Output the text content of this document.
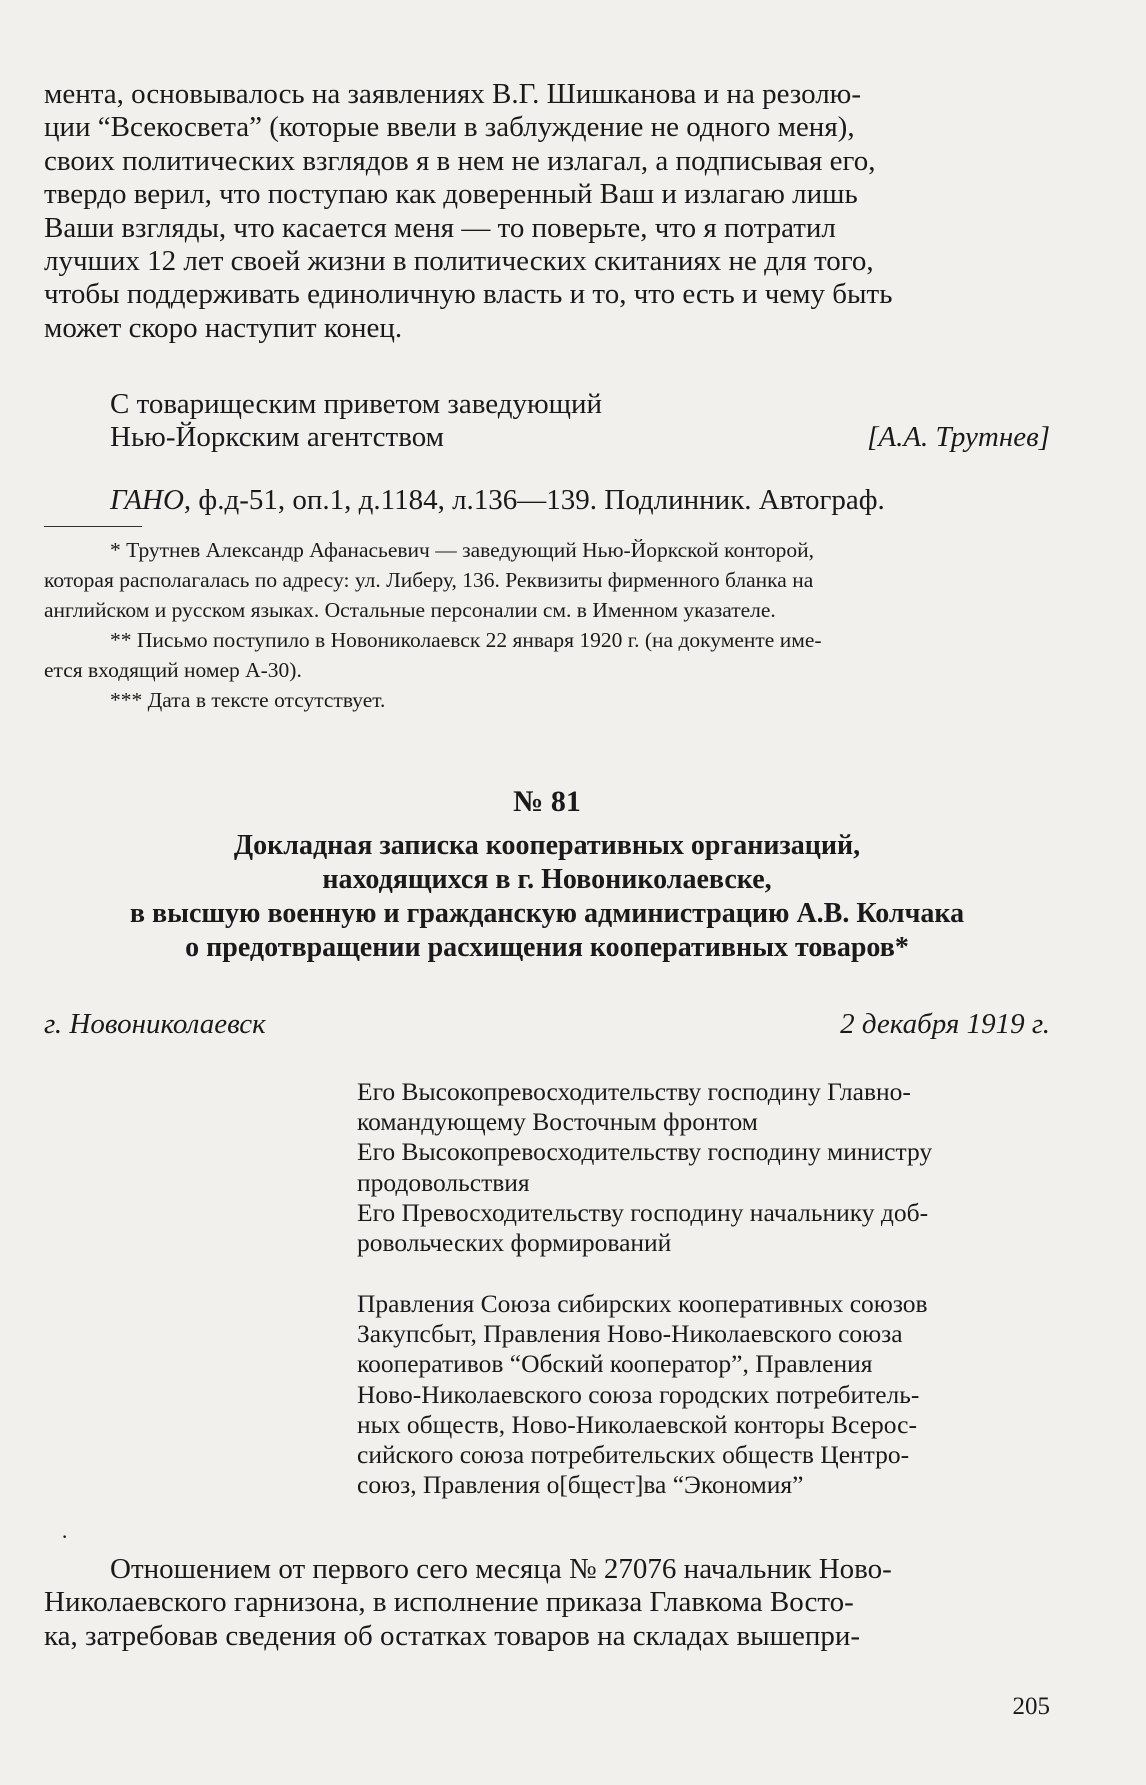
мента, основывалось на заявлениях В.Г. Шишканова и на резолю-

ции “Всекосвета” (которые ввели в заблуждение не одного меня),

своих политических взглядов я в нем не излагал, а подписывая его,

твердо верил, что поступаю как доверенный Ваш и излагаю лишь

Ваши взгляды, что касается меня — то поверьте, что я потратил

лучших 12 лет своей жизни в политических скитаниях не для того,

чтобы поддерживать единоличную власть и то, что есть и чему быть

может скоро наступит конец.

С товарищеским приветом заведующий
Нью-Йоркским агентством	[А.А. Трутнев]
ГАНО, ф.д-51, оп.1, д.1184, л.136—139. Подлинник. Автограф.

* Трутнев Александр Афанасьевич — заведующий Нью-Йоркской конторой,

которая располагалась по адресу: ул. Либеру, 136. Реквизиты фирменного бланка на

английском и русском языках. Остальные персоналии см. в Именном указателе.

** Письмо поступило в Новониколаевск 22 января 1920 г. (на документе име-

ется входящий номер А-30).

*** Дата в тексте отсутствует.

№ 81
Докладная записка кооперативных организаций,
находящихся в г. Новониколаевске,
в высшую военную и гражданскую администрацию А.В. Колчака
о предотвращении расхищения кооперативных товаров*
г. Новониколаевск	2 декабря 1919 г.

Его Высокопревосходительству господину Главно-

командующему Восточным фронтом

Его Высокопревосходительству господину министру

продовольствия

Его Превосходительству господину начальнику доб-

ровольческих формирований

Правления Союза сибирских кооперативных союзов

Закупсбыт, Правления Ново-Николаевского союза

кооперативов “Обский кооператор”, Правления

Ново-Николаевского союза городских потребитель-

ных обществ, Ново-Николаевской конторы Всерос-

сийского союза потребительских обществ Центро-

союз, Правления о[бщест]ва “Экономия”

·

Отношением от первого сего месяца № 27076 начальник Ново-

Николаевского гарнизона, в исполнение приказа Главкома Восто-

ка, затребовав сведения об остатках товаров на складах вышепри-

205
